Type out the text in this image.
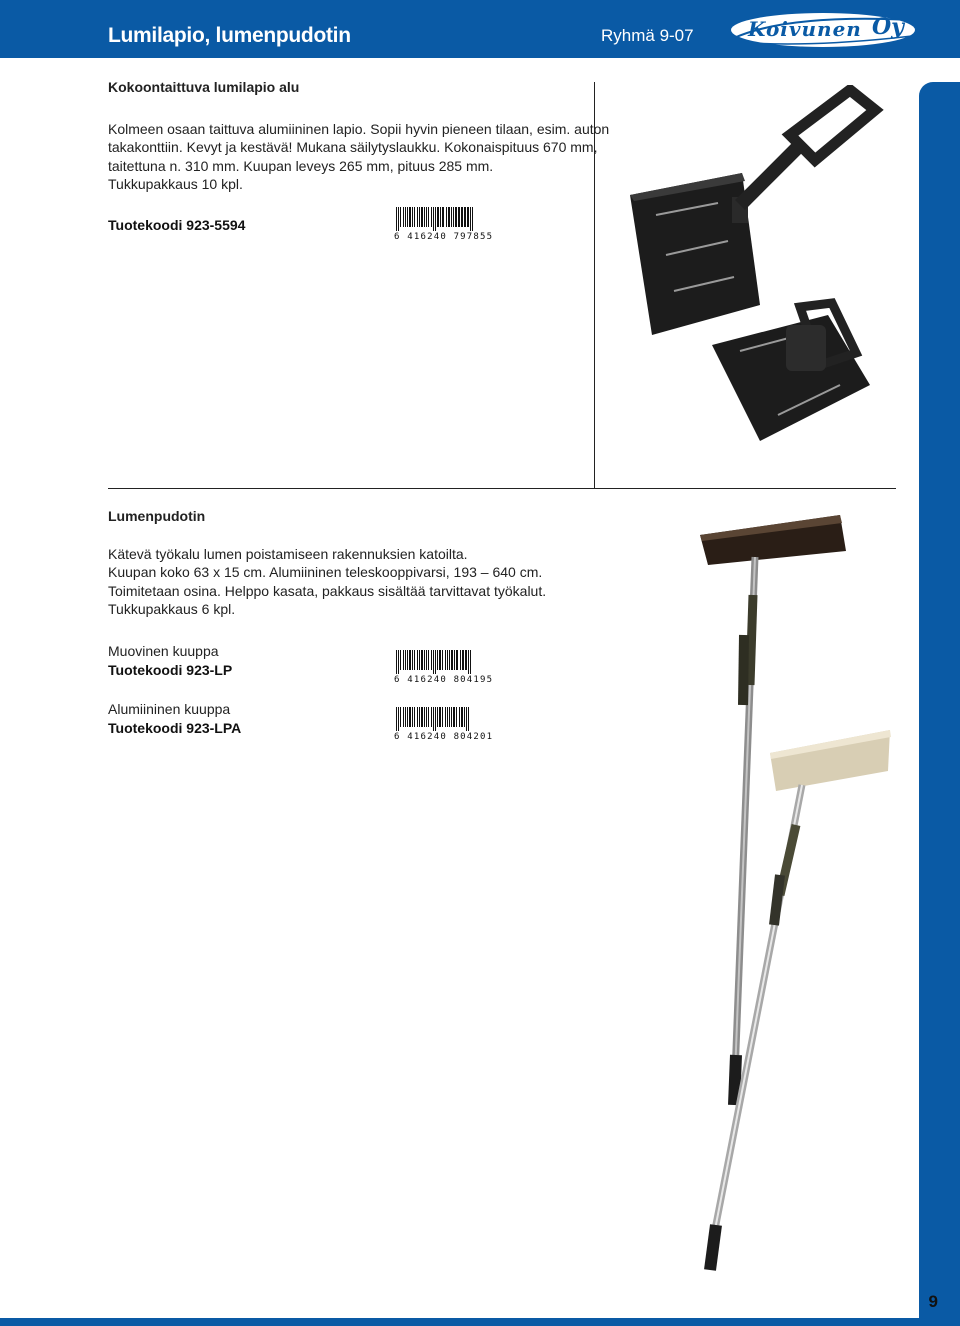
Lumilapio, lumenpudotin	Ryhmä 9-07	Koivunen Oy
9
Kokoontaittuva lumilapio alu
Kolmeen osaan taittuva alumiininen lapio. Sopii hyvin pieneen tilaan, esim. auton
takakonttiin. Kevyt ja kestävä! Mukana säilytyslaukku. Kokonaispituus 670 mm,
taitettuna n. 310 mm. Kuupan leveys 265 mm, pituus 285 mm.
Tukkupakkaus 10 kpl.
Tuotekoodi 923-5594
6 416240 797855
Lumenpudotin
Kätevä työkalu lumen poistamiseen rakennuksien katoilta.
Kuupan koko 63 x 15 cm. Alumiininen teleskooppivarsi, 193 – 640 cm.
Toimitetaan osina. Helppo kasata, pakkaus sisältää tarvittavat työkalut.
Tukkupakkaus 6 kpl.
Muovinen kuuppa
Tuotekoodi 923-LP
6 416240 804195
Alumiininen kuuppa
Tuotekoodi 923-LPA
6 416240 804201
